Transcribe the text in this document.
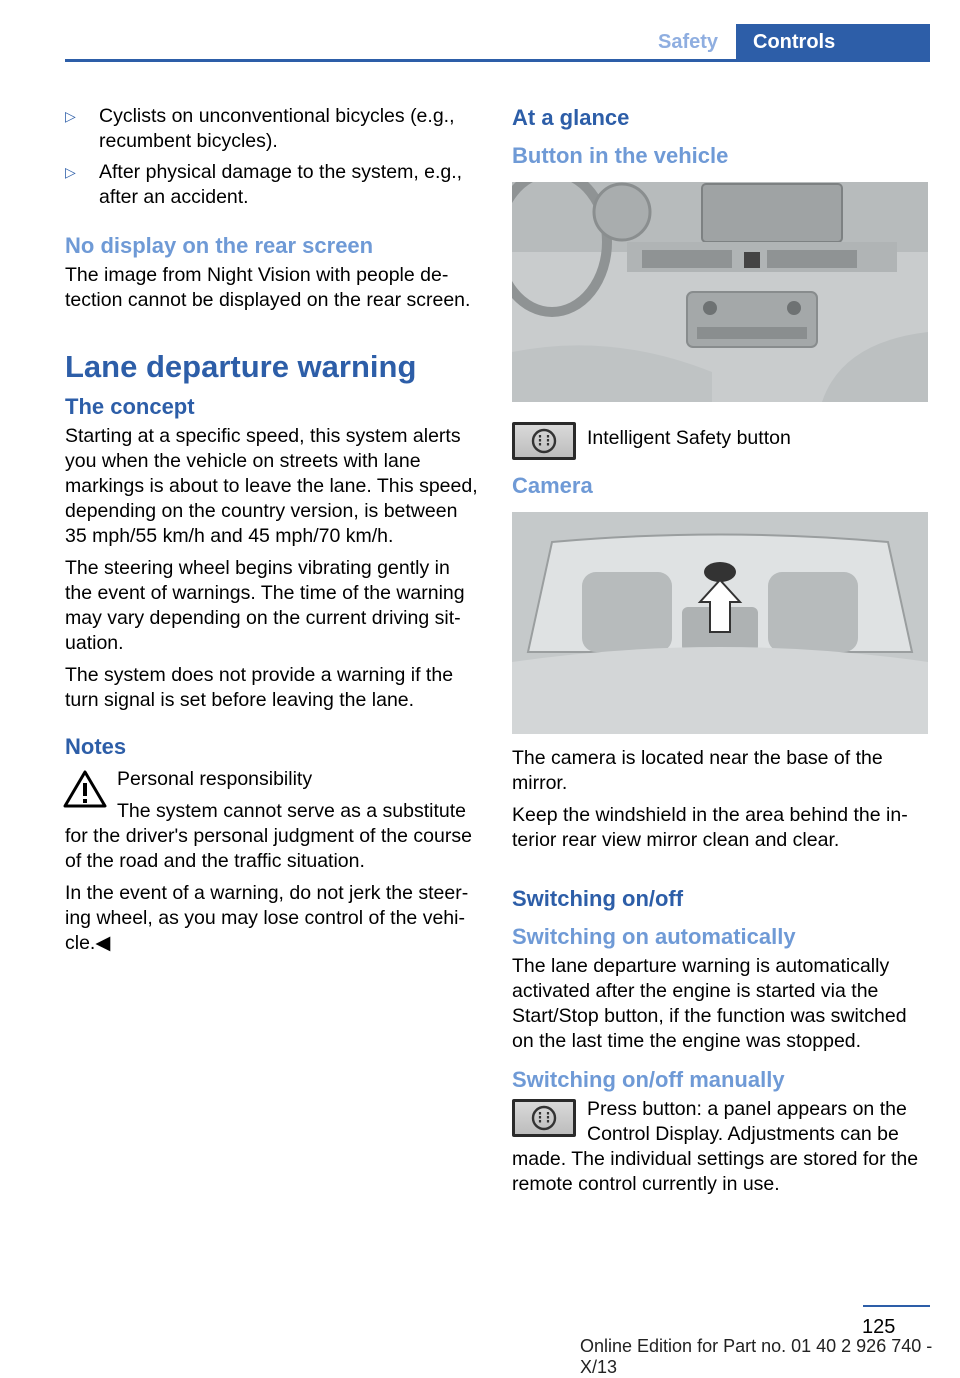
Safety	Controls
▷ Cyclists on unconventional bicycles (e.g., recumbent bicycles).
▷ After physical damage to the system, e.g., after an accident.
No display on the rear screen

The image from Night Vision with people detection cannot be displayed on the rear screen.

Lane departure warning
The concept

Starting at a specific speed, this system alerts you when the vehicle on streets with lane markings is about to leave the lane. This speed, depending on the country version, is between 35 mph/55 km/h and 45 mph/70 km/h.

The steering wheel begins vibrating gently in the event of warnings. The time of the warning may vary depending on the current driving situation.

The system does not provide a warning if the turn signal is set before leaving the lane.

Notes

Personal responsibility

The system cannot serve as a substitute for the driver's personal judgment of the course of the road and the traffic situation.

In the event of a warning, do not jerk the steering wheel, as you may lose control of the vehicle.◀

At a glance
Button in the vehicle

Intelligent Safety button

Camera

The camera is located near the base of the mirror.

Keep the windshield in the area behind the interior rear view mirror clean and clear.

Switching on/off
Switching on automatically

The lane departure warning is automatically activated after the engine is started via the Start/Stop button, if the function was switched on the last time the engine was stopped.

Switching on/off manually

Press button: a panel appears on the Control Display. Adjustments can be

made. The individual settings are stored for the remote control currently in use.

125
Online Edition for Part no. 01 40 2 926 740 - X/13
